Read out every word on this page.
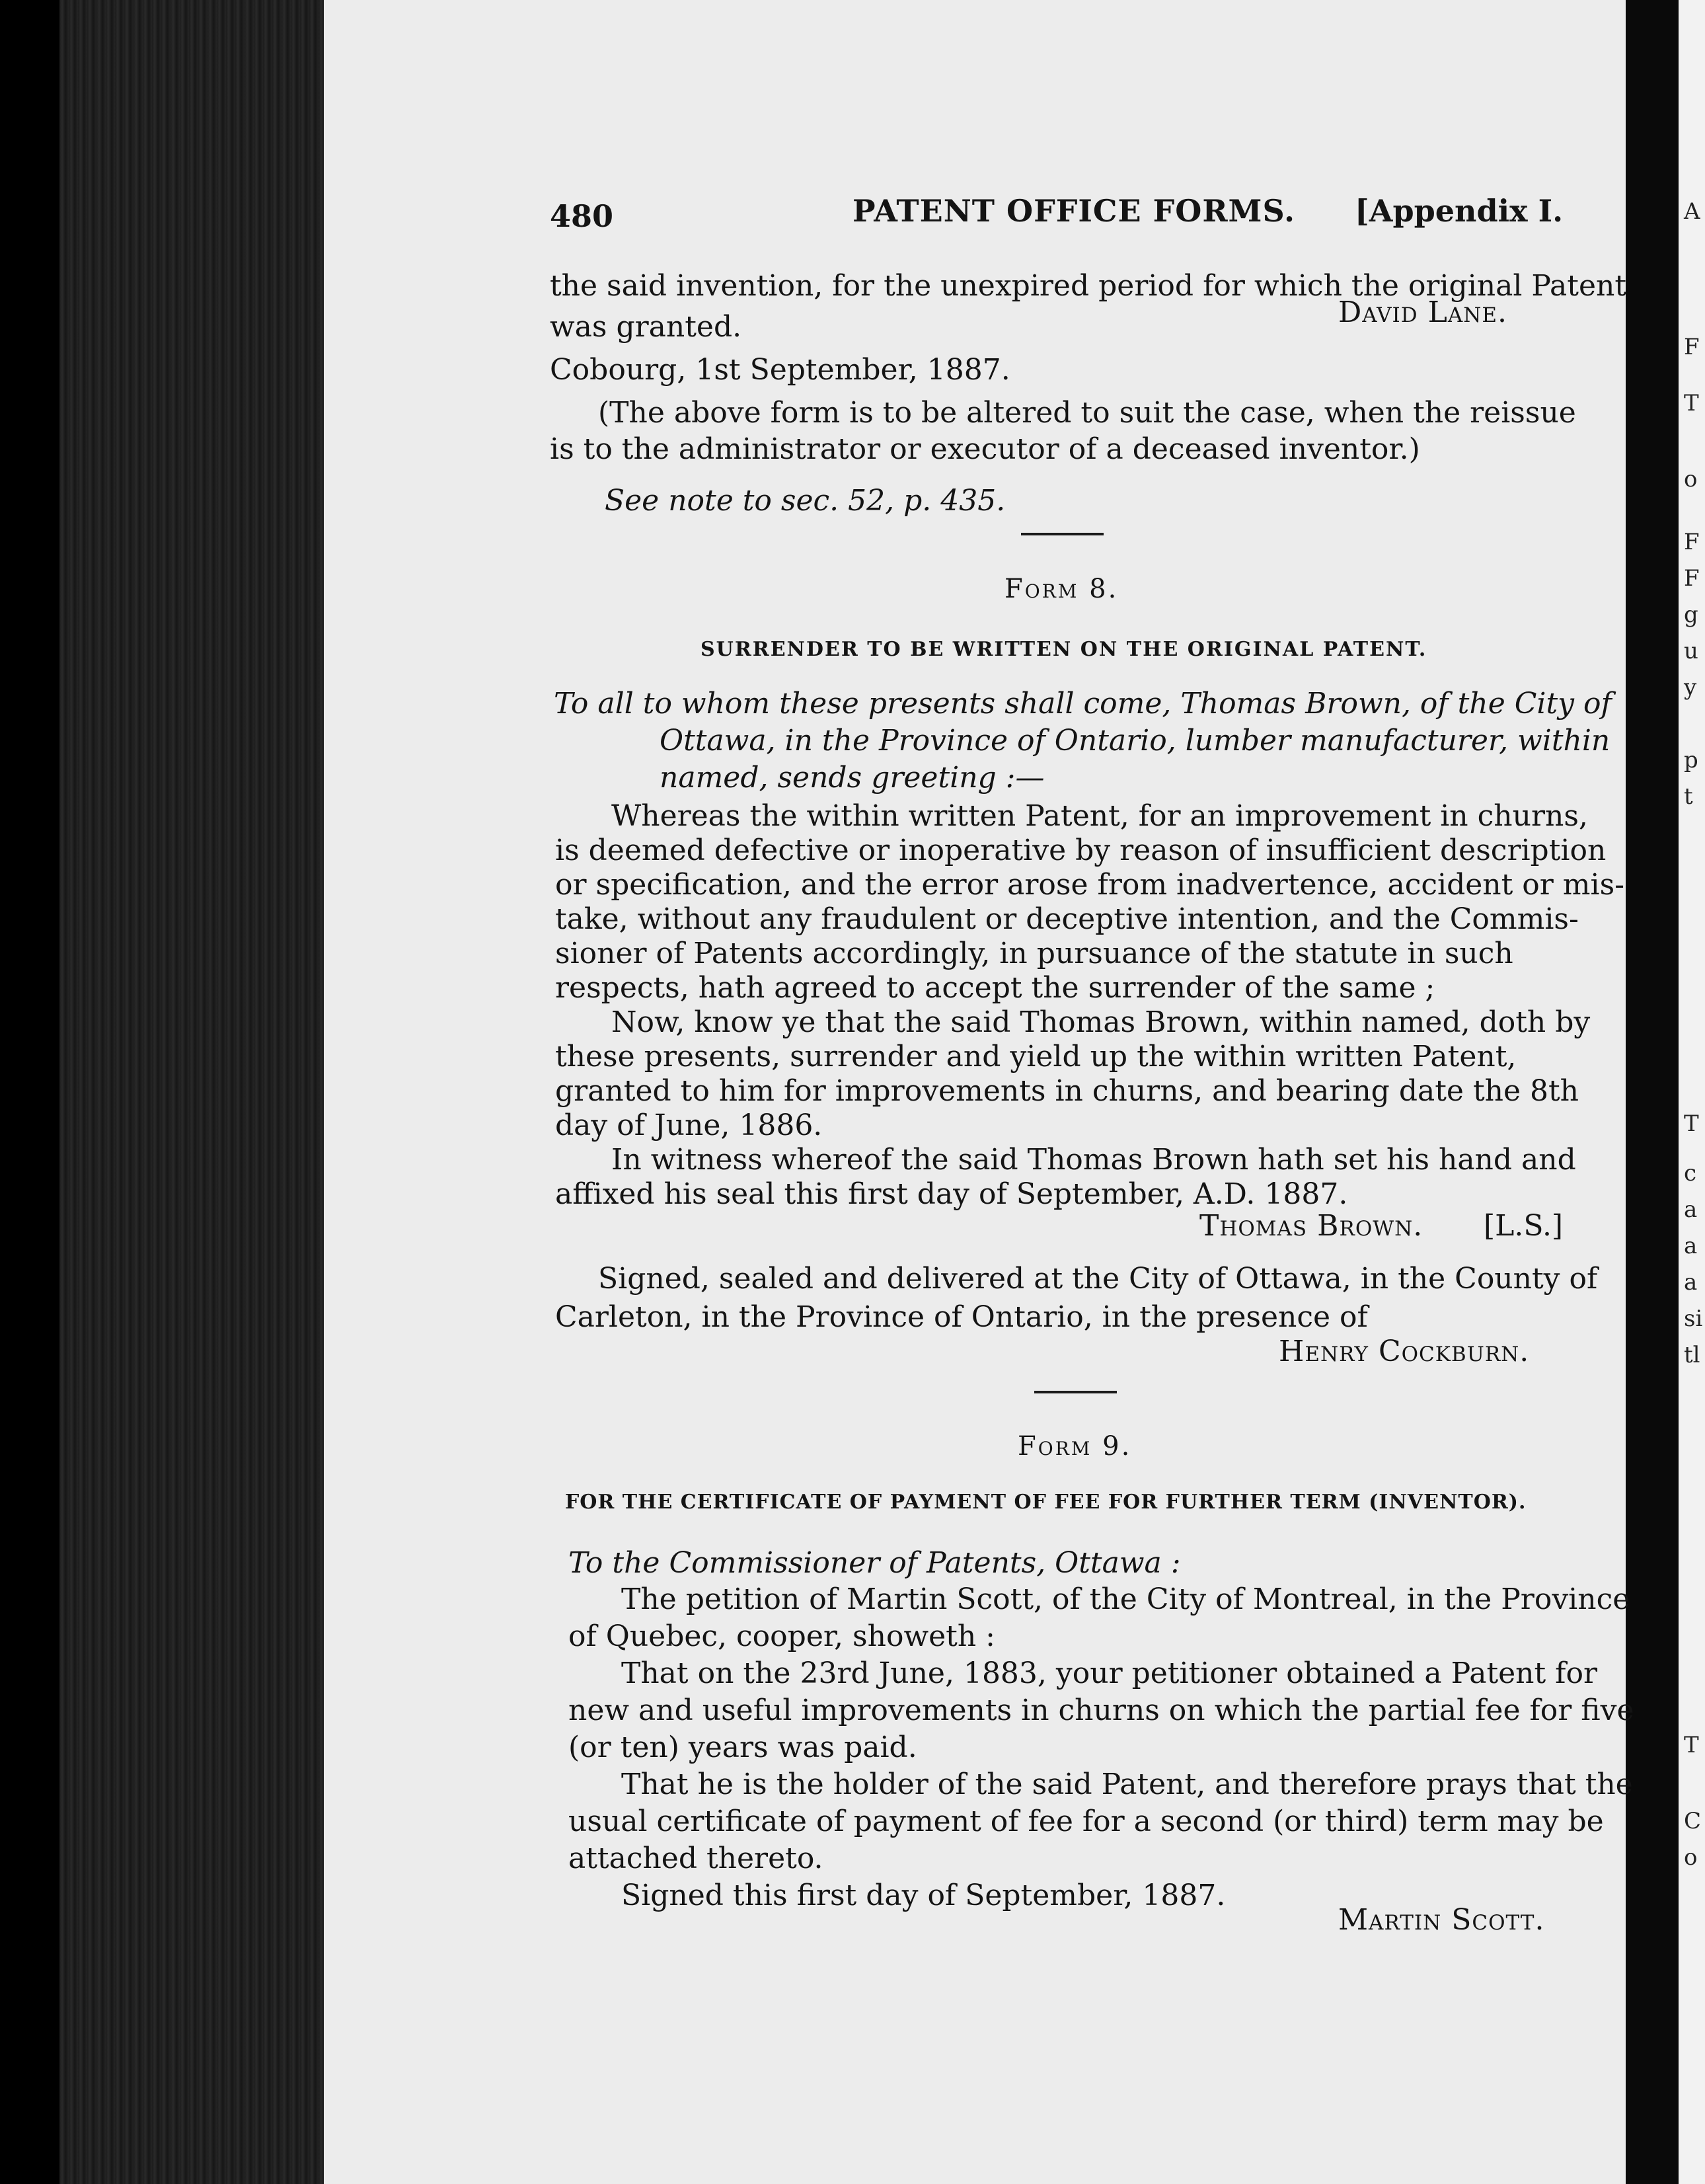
A
F
T
o
F
F
g
u
y
p
t
T
c
a
a
a
si
tl
T
C
o
480	PATENT OFFICE FORMS. [Appendix I.
the said invention, for the unexpired period for which the original Patent
was granted.	David Lane.
Cobourg, 1st September, 1887.
(The above form is to be altered to suit the case, when the reissue
is to the administrator or executor of a deceased inventor.)
See note to sec. 52, p. 435.
Form 8.
SURRENDER TO BE WRITTEN ON THE ORIGINAL PATENT.
To all to whom these presents shall come, Thomas Brown, of the City of
Ottawa, in the Province of Ontario, lumber manufacturer, within
named, sends greeting :—
Whereas the within written Patent, for an improvement in churns,
is deemed defective or inoperative by reason of insufficient description
or specification, and the error arose from inadvertence, accident or mis-
take, without any fraudulent or deceptive intention, and the Commis-
sioner of Patents accordingly, in pursuance of the statute in such
respects, hath agreed to accept the surrender of the same ;
Now, know ye that the said Thomas Brown, within named, doth by
these presents, surrender and yield up the within written Patent,
granted to him for improvements in churns, and bearing date the 8th
day of June, 1886.
In witness whereof the said Thomas Brown hath set his hand and
affixed his seal this first day of September, A.D. 1887.
Thomas Brown. [L.S.]
Signed, sealed and delivered at the City of Ottawa, in the County of
Carleton, in the Province of Ontario, in the presence of
Henry Cockburn.
Form 9.
FOR THE CERTIFICATE OF PAYMENT OF FEE FOR FURTHER TERM (INVENTOR).
To the Commissioner of Patents, Ottawa :
The petition of Martin Scott, of the City of Montreal, in the Province
of Quebec, cooper, showeth :
That on the 23rd June, 1883, your petitioner obtained a Patent for
new and useful improvements in churns on which the partial fee for five
(or ten) years was paid.
That he is the holder of the said Patent, and therefore prays that the
usual certificate of payment of fee for a second (or third) term may be
attached thereto.
Signed this first day of September, 1887.
Martin Scott.
